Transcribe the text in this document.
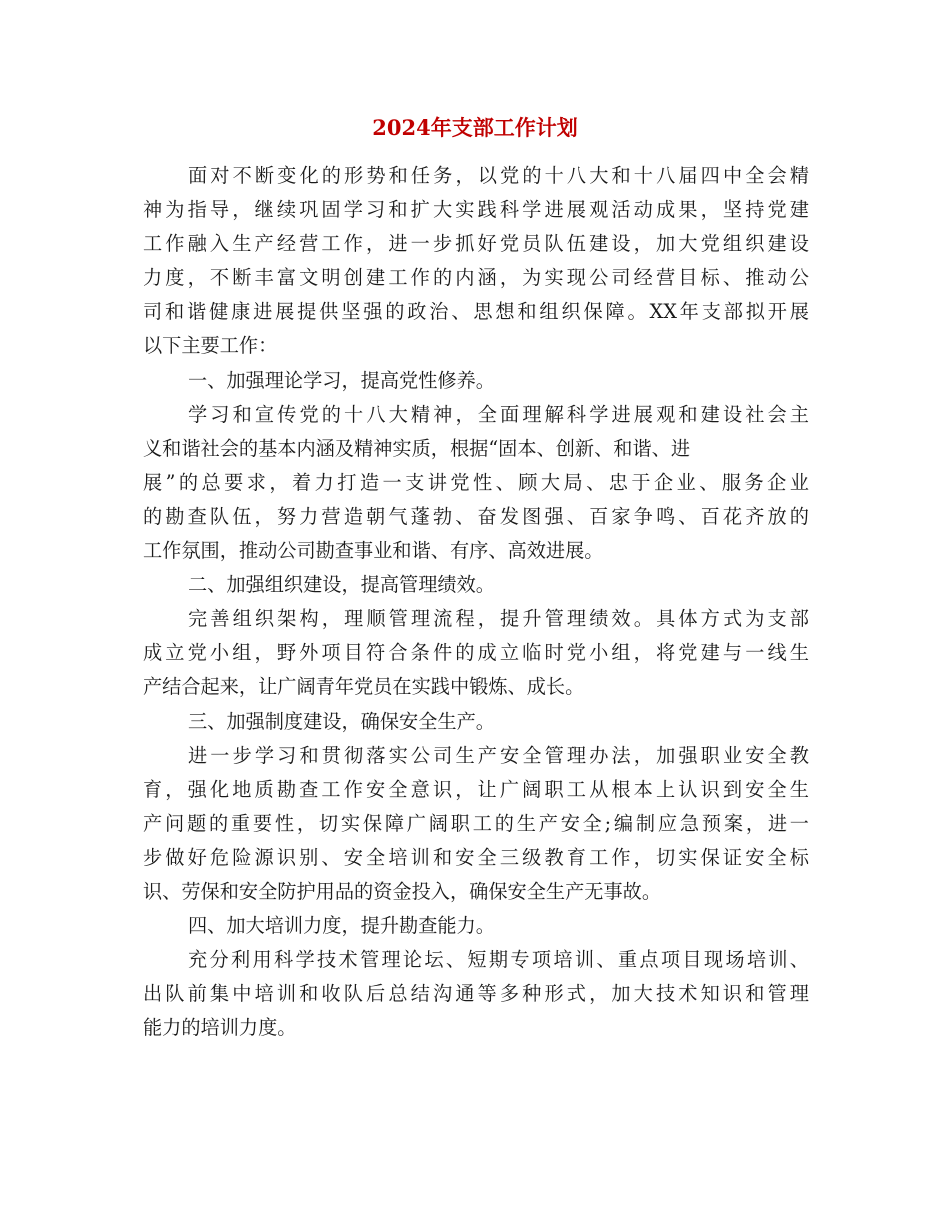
2024年支部工作计划
面对不断变化的形势和任务，以党的十八大和十八届四中全会精
神为指导，继续巩固学习和扩大实践科学进展观活动成果，坚持党建
工作融入生产经营工作，进一步抓好党员队伍建设，加大党组织建设
力度，不断丰富文明创建工作的内涵，为实现公司经营目标、推动公
司和谐健康进展提供坚强的政治、思想和组织保障。XX年支部拟开展
以下主要工作：
一、加强理论学习，提高党性修养。
学习和宣传党的十八大精神，全面理解科学进展观和建设社会主
义和谐社会的基本内涵及精神实质，根据“固本、创新、和谐、进
展”的总要求，着力打造一支讲党性、顾大局、忠于企业、服务企业
的勘查队伍，努力营造朝气蓬勃、奋发图强、百家争鸣、百花齐放的
工作氛围，推动公司勘查事业和谐、有序、高效进展。
二、加强组织建设，提高管理绩效。
完善组织架构，理顺管理流程，提升管理绩效。具体方式为支部
成立党小组，野外项目符合条件的成立临时党小组，将党建与一线生
产结合起来，让广阔青年党员在实践中锻炼、成长。
三、加强制度建设，确保安全生产。
进一步学习和贯彻落实公司生产安全管理办法，加强职业安全教
育，强化地质勘查工作安全意识，让广阔职工从根本上认识到安全生
产问题的重要性，切实保障广阔职工的生产安全;编制应急预案，进一
步做好危险源识别、安全培训和安全三级教育工作，切实保证安全标
识、劳保和安全防护用品的资金投入，确保安全生产无事故。
四、加大培训力度，提升勘查能力。
充分利用科学技术管理论坛、短期专项培训、重点项目现场培训、
出队前集中培训和收队后总结沟通等多种形式，加大技术知识和管理
能力的培训力度。
